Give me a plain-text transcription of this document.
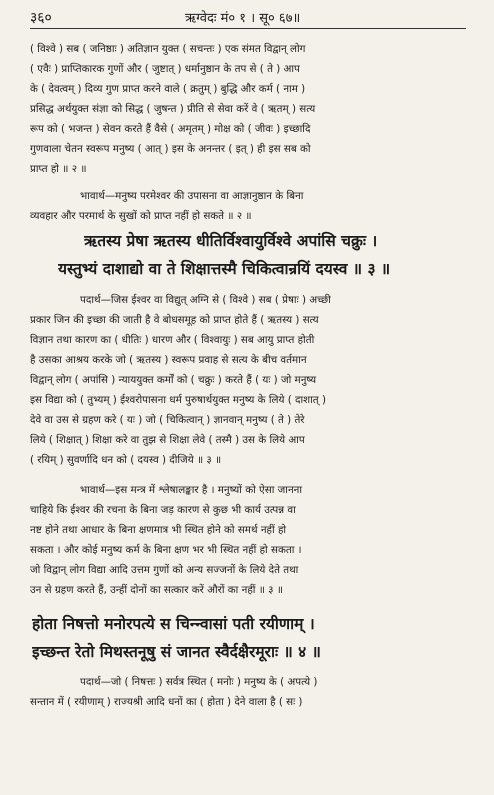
३६०	ऋग्वेदः मं० १ । सू० ६७॥
( विश्वे ) सब ( जनिष्ठाः ) अतिज्ञान युक्त ( सचन्तः ) एक संमत विद्वान् लोग
( एवैः ) प्राप्तिकारक गुणों और ( जुष्टात् ) धर्मानुष्ठान के तप से ( ते ) आप
के ( देवत्वम् ) दिव्य गुण प्राप्त करने वाले ( क्रतुम् ) बुद्धि और कर्म ( नाम )
प्रसिद्ध अर्थयुक्त संज्ञा को सिद्ध ( जुषन्त ) प्रीति से सेवा करें वे ( ऋतम् ) सत्य
रूप को ( भजन्त ) सेवन करते हैं वैसे ( अमृतम् ) मोक्ष को ( जीवः ) इच्छादि
गुणवाला चेतन स्वरूप मनुष्य ( आत् ) इस के अनन्तर ( इत् ) ही इस सब को
प्राप्त हो ॥ २ ॥
भावार्थ—मनुष्य परमेश्वर की उपासना वा आज्ञानुष्ठान के बिना
व्यवहार और परमार्थ के सुखों को प्राप्त नहीं हो सकते ॥ २ ॥
ऋतस्य प्रेषा ऋतस्य धीतिर्विश्वायुर्विश्वे अपांसि चक्रुः ।
यस्तुभ्यं दाशाद्यो वा ते शिक्षात्तस्मै चिकित्वान्रयिं दयस्व ॥ ३ ॥
पदार्थ—जिस ईश्वर वा विद्युत् अग्नि से ( विश्वे ) सब ( प्रेषाः ) अच्छी
प्रकार जिन की इच्छा की जाती है वे बोधसमूह को प्राप्त होते हैं ( ऋतस्य ) सत्य
विज्ञान तथा कारण का ( धीतिः ) धारण और ( विश्वायुः ) सब आयु प्राप्त होती
है उसका आश्रय करके जो ( ऋतस्य ) स्वरूप प्रवाह से सत्य के बीच वर्तमान
विद्वान् लोग ( अपांसि ) न्याययुक्त कर्मों को ( चक्रुः ) करते हैं ( यः ) जो मनुष्य
इस विद्या को ( तुभ्यम् ) ईश्वरोपासना धर्म पुरुषार्थयुक्त मनुष्य के लिये ( दाशात् )
देवे वा उस से ग्रहण करे ( यः ) जो ( चिकित्वान् ) ज्ञानवान् मनुष्य ( ते ) तेरे
लिये ( शिक्षात् ) शिक्षा करे वा तुझ से शिक्षा लेवे ( तस्मै ) उस के लिये आप
( रयिम् ) सुवर्णादि धन को ( दयस्व ) दीजिये ॥ ३ ॥
भावार्थ—इस मन्त्र में श्लेषालङ्कार है । मनुष्यों को ऐसा जानना
चाहिये कि ईश्वर की रचना के बिना जड़ कारण से कुछ भी कार्य उत्पन्न वा
नष्ट होने तथा आधार के बिना क्षणमात्र भी स्थित होने को समर्थ नहीं हो
सकता । और कोई मनुष्य कर्म के बिना क्षण भर भी स्थित नहीं हो सकता ।
जो विद्वान् लोग विद्या आदि उत्तम गुणों को अन्य सज्जनों के लिये देते तथा
उन से ग्रहण करते हैं, उन्हीं दोनों का सत्कार करें औरों का नहीं ॥ ३ ॥
होता निषत्तो मनोरपत्ये स चिन्न्वासां पती रयीणाम् ।
इच्छन्त रेतो मिथस्तनूषु सं जानत स्वैर्दक्षैरमूराः ॥ ४ ॥
पदार्थ—जो ( निषत्तः ) सर्वत्र स्थित ( मनोः ) मनुष्य के ( अपत्ये )
सन्तान में ( रयीणाम् ) राज्यश्री आदि धनों का ( होता ) देने वाला है ( सः )
